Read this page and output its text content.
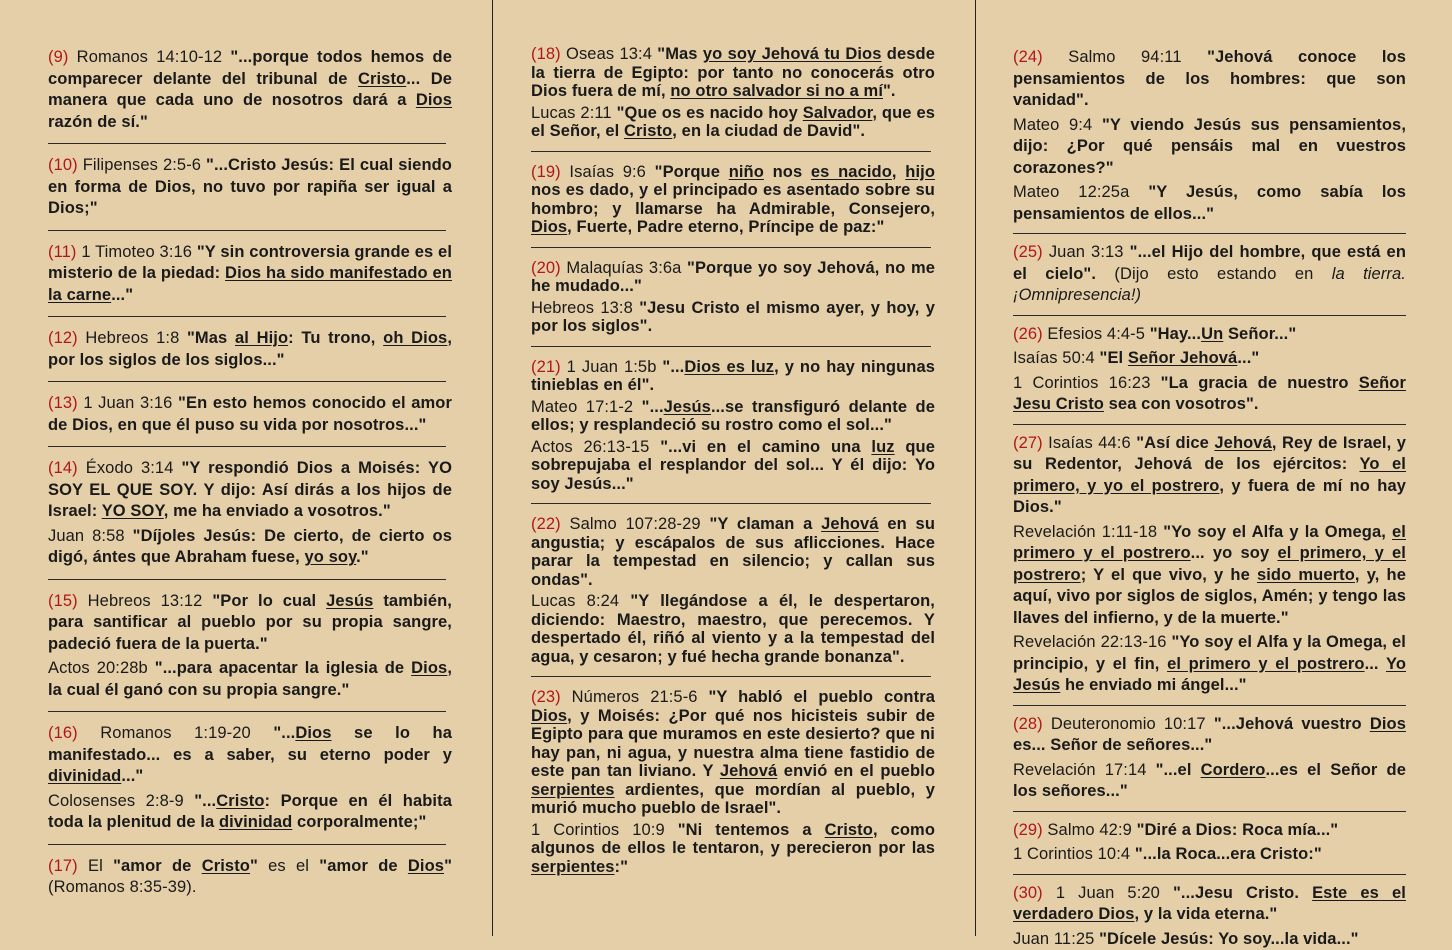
(9) Romanos 14:10-12 "...porque todos hemos de comparecer delante del tribunal de Cristo... De manera que cada uno de nosotros dará a Dios razón de sí."

(10) Filipenses 2:5-6 "...Cristo Jesús: El cual siendo en forma de Dios, no tuvo por rapiña ser igual a Dios;"

(11) 1 Timoteo 3:16 "Y sin controversia grande es el misterio de la piedad: Dios ha sido manifestado en la carne..."

(12) Hebreos 1:8 "Mas al Hijo: Tu trono, oh Dios, por los siglos de los siglos..."

(13) 1 Juan 3:16 "En esto hemos conocido el amor de Dios, en que él puso su vida por nosotros..."

(14) Éxodo 3:14 "Y respondió Dios a Moisés: YO SOY EL QUE SOY. Y dijo: Así dirás a los hijos de Israel: YO SOY, me ha enviado a vosotros."

Juan 8:58 "Díjoles Jesús: De cierto, de cierto os digó, ántes que Abraham fuese, yo soy."

(15) Hebreos 13:12 "Por lo cual Jesús también, para santificar al pueblo por su propia sangre, padeció fuera de la puerta."

Actos 20:28b "...para apacentar la iglesia de Dios, la cual él ganó con su propia sangre."

(16) Romanos 1:19-20 "...Dios se lo ha manifestado... es a saber, su eterno poder y divinidad..."

Colosenses 2:8-9 "...Cristo: Porque en él habita toda la plenitud de la divinidad corporalmente;"

(17) El "amor de Cristo" es el "amor de Dios" (Romanos 8:35-39).

(18) Oseas 13:4 "Mas yo soy Jehová tu Dios desde la tierra de Egipto: por tanto no conocerás otro Dios fuera de mí, no otro salvador si no a mí".

Lucas 2:11 "Que os es nacido hoy Salvador, que es el Señor, el Cristo, en la ciudad de David".

(19) Isaías 9:6 "Porque niño nos es nacido, hijo nos es dado, y el principado es asentado sobre su hombro; y llamarse ha Admirable, Consejero, Dios, Fuerte, Padre eterno, Príncipe de paz:"

(20) Malaquías 3:6a "Porque yo soy Jehová, no me he mudado..."

Hebreos 13:8 "Jesu Cristo el mismo ayer, y hoy, y por los siglos".

(21) 1 Juan 1:5b "...Dios es luz, y no hay ningunas tinieblas en él".

Mateo 17:1-2 "...Jesús...se transfiguró delante de ellos; y resplandeció su rostro como el sol..."

Actos 26:13-15 "...vi en el camino una luz que sobrepujaba el resplandor del sol... Y él dijo: Yo soy Jesús..."

(22) Salmo 107:28-29 "Y claman a Jehová en su angustia; y escápalos de sus aflicciones. Hace parar la tempestad en silencio; y callan sus ondas".

Lucas 8:24 "Y llegándose a él, le despertaron, diciendo: Maestro, maestro, que perecemos. Y despertado él, riñó al viento y a la tempestad del agua, y cesaron; y fué hecha grande bonanza".

(23) Números 21:5-6 "Y habló el pueblo contra Dios, y Moisés: ¿Por qué nos hicisteis subir de Egipto para que muramos en este desierto? que ni hay pan, ni agua, y nuestra alma tiene fastidio de este pan tan liviano. Y Jehová envió en el pueblo serpientes ardientes, que mordían al pueblo, y murió mucho pueblo de Israel".

1 Corintios 10:9 "Ni tentemos a Cristo, como algunos de ellos le tentaron, y perecieron por las serpientes:"

(24) Salmo 94:11 "Jehová conoce los pensamientos de los hombres: que son vanidad".

Mateo 9:4 "Y viendo Jesús sus pensamientos, dijo: ¿Por qué pensáis mal en vuestros corazones?"

Mateo 12:25a "Y Jesús, como sabía los pensamientos de ellos..."

(25) Juan 3:13 "...el Hijo del hombre, que está en el cielo". (Dijo esto estando en la tierra. ¡Omnipresencia!)

(26) Efesios 4:4-5 "Hay...Un Señor..."

Isaías 50:4 "El Señor Jehová..."

1 Corintios 16:23 "La gracia de nuestro Señor Jesu Cristo sea con vosotros".

(27) Isaías 44:6 "Así dice Jehová, Rey de Israel, y su Redentor, Jehová de los ejércitos: Yo el primero, y yo el postrero, y fuera de mí no hay Dios."

Revelación 1:11-18 "Yo soy el Alfa y la Omega, el primero y el postrero... yo soy el primero, y el postrero; Y el que vivo, y he sido muerto, y, he aquí, vivo por siglos de siglos, Amén; y tengo las llaves del infierno, y de la muerte."

Revelación 22:13-16 "Yo soy el Alfa y la Omega, el principio, y el fin, el primero y el postrero... Yo Jesús he enviado mi ángel..."

(28) Deuteronomio 10:17 "...Jehová vuestro Dios es... Señor de señores..."

Revelación 17:14 "...el Cordero...es el Señor de los señores..."

(29) Salmo 42:9 "Diré a Dios: Roca mía..."

1 Corintios 10:4 "...la Roca...era Cristo:"

(30) 1 Juan 5:20 "...Jesu Cristo. Este es el verdadero Dios, y la vida eterna."

Juan 11:25 "Dícele Jesús: Yo soy...la vida..."
